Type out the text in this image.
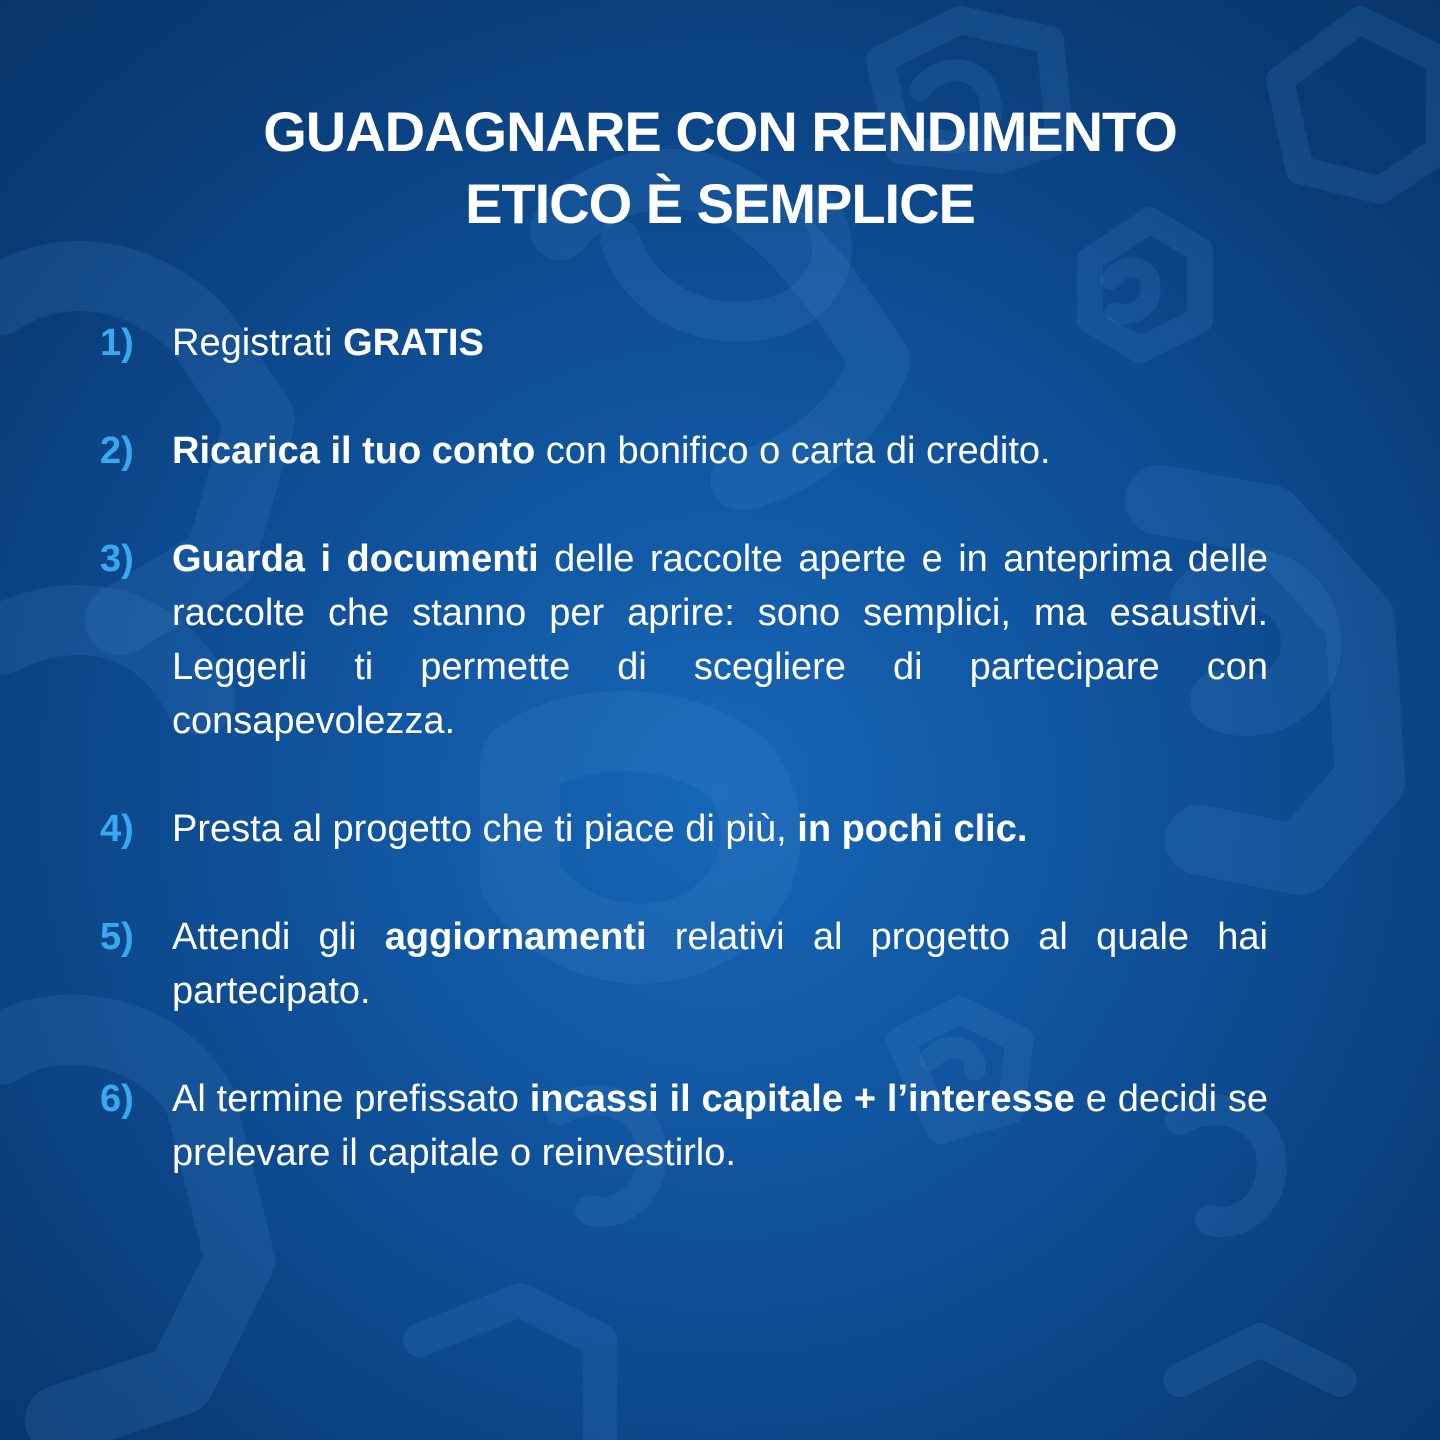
GUADAGNARE CON RENDIMENTO
ETICO È SEMPLICE
1) Registrati GRATIS

2) Ricarica il tuo conto con bonifico o carta di credito.

3) Guarda i documenti delle raccolte aperte e in anteprima delle raccolte che stanno per aprire: sono semplici, ma esaustivi. Leggerli ti permette di scegliere di partecipare con consapevolezza.

4) Presta al progetto che ti piace di più, in pochi clic.

5) Attendi gli aggiornamenti relativi al progetto al quale hai partecipato.

6) Al termine prefissato incassi il capitale + l’interesse e decidi se prelevare il capitale o reinvestirlo.
